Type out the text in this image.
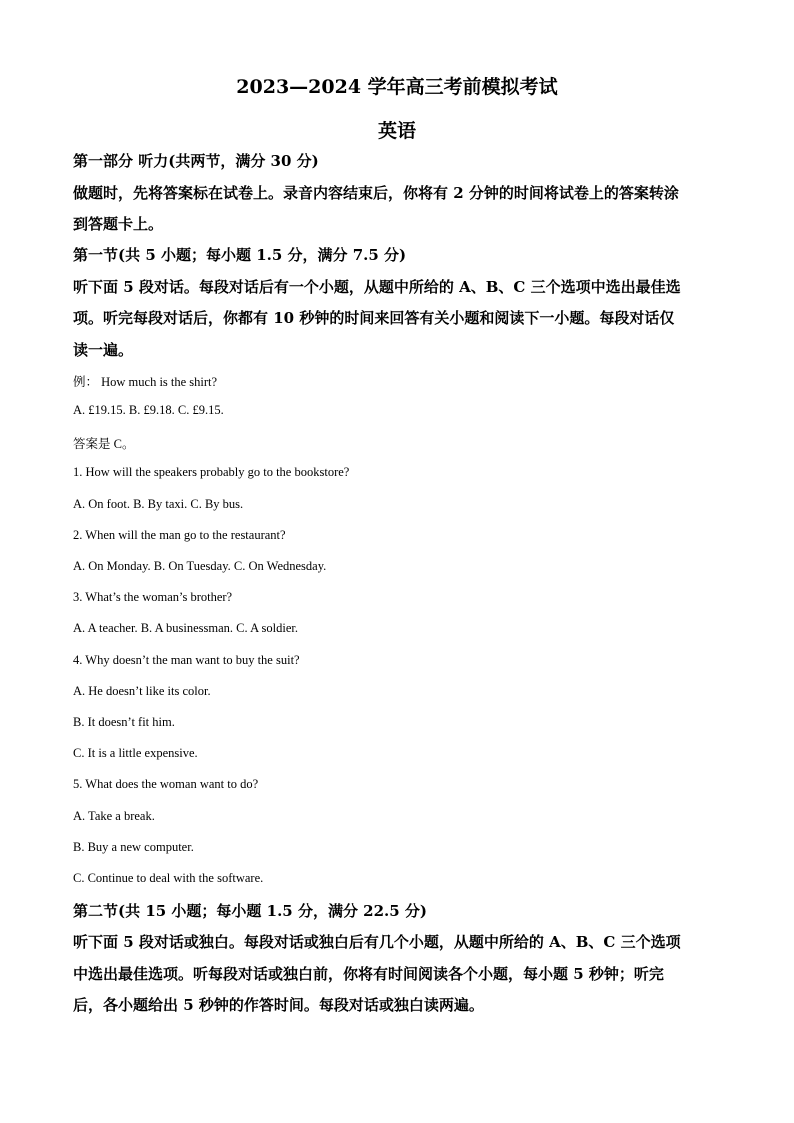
2023—2024 学年高三考前模拟考试
英语
第一部分 听力(共两节，满分 30 分)
做题时，先将答案标在试卷上。录音内容结束后，你将有 2 分钟的时间将试卷上的答案转涂
到答题卡上。
第一节(共 5 小题；每小题 1.5 分，满分 7.5 分)
听下面 5 段对话。每段对话后有一个小题，从题中所给的 A、B、C 三个选项中选出最佳选
项。听完每段对话后，你都有 10 秒钟的时间来回答有关小题和阅读下一小题。每段对话仅
读一遍。
例： How much is the shirt?
A. £19.15. B. £9.18. C. £9.15.
答案是 C。
1. How will the speakers probably go to the bookstore?
A. On foot. B. By taxi. C. By bus.
2. When will the man go to the restaurant?
A. On Monday. B. On Tuesday. C. On Wednesday.
3. What’s the woman’s brother?
A. A teacher. B. A businessman. C. A soldier.
4. Why doesn’t the man want to buy the suit?
A. He doesn’t like its color.
B. It doesn’t fit him.
C. It is a little expensive.
5. What does the woman want to do?
A. Take a break.
B. Buy a new computer.
C. Continue to deal with the software.
第二节(共 15 小题；每小题 1.5 分，满分 22.5 分)
听下面 5 段对话或独白。每段对话或独白后有几个小题，从题中所给的 A、B、C 三个选项
中选出最佳选项。听每段对话或独白前，你将有时间阅读各个小题，每小题 5 秒钟；听完
后，各小题给出 5 秒钟的作答时间。每段对话或独白读两遍。
